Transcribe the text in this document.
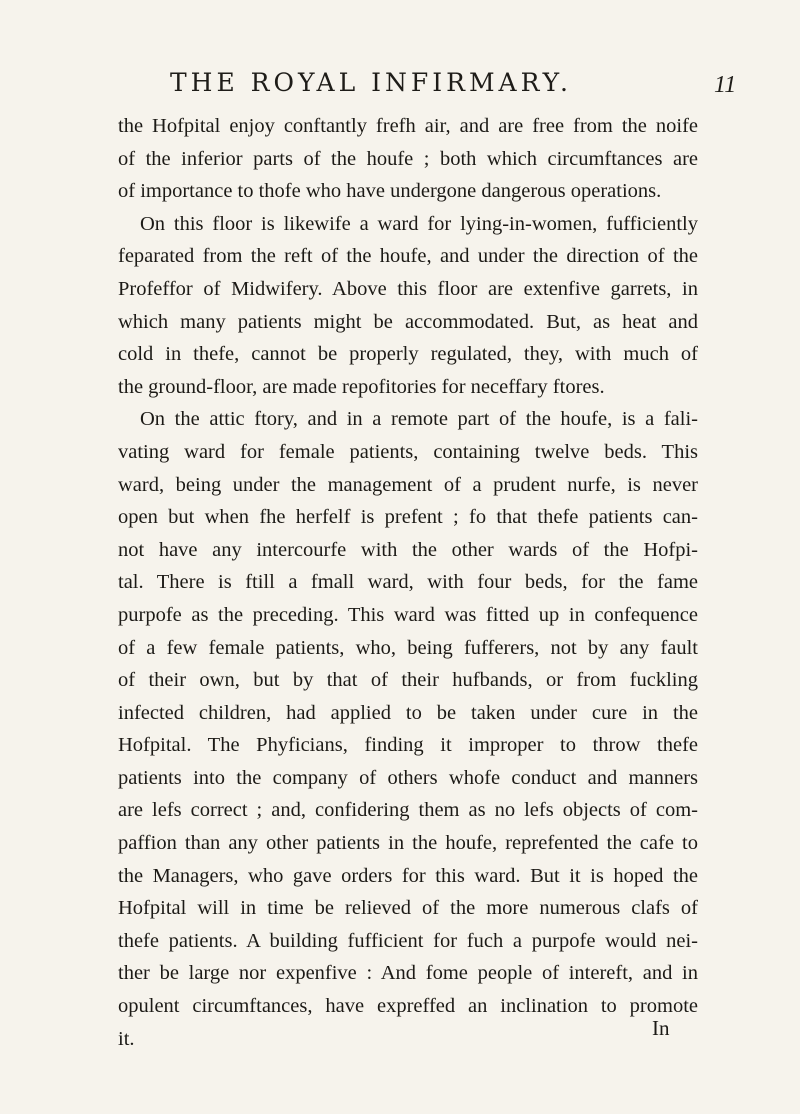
THE ROYAL INFIRMARY.	11

the Hofpital enjoy conftantly frefh air, and are free from the noife
of the inferior parts of the houfe ; both which circumftances are
of importance to thofe who have undergone dangerous operations.

On this floor is likewife a ward for lying-in-women, fufficiently
feparated from the reft of the houfe, and under the direction of the
Profeffor of Midwifery. Above this floor are extenfive garrets, in
which many patients might be accommodated. But, as heat and
cold in thefe, cannot be properly regulated, they, with much of
the ground-floor, are made repofitories for neceffary ftores.

On the attic ftory, and in a remote part of the houfe, is a fali-
vating ward for female patients, containing twelve beds. This
ward, being under the management of a prudent nurfe, is never
open but when fhe herfelf is prefent ; fo that thefe patients can-
not have any intercourfe with the other wards of the Hofpi-
tal. There is ftill a fmall ward, with four beds, for the fame
purpofe as the preceding. This ward was fitted up in confequence
of a few female patients, who, being fufferers, not by any fault
of their own, but by that of their hufbands, or from fuckling
infected children, had applied to be taken under cure in the
Hofpital. The Phyficians, finding it improper to throw thefe
patients into the company of others whofe conduct and manners
are lefs correct ; and, confidering them as no lefs objects of com-
paffion than any other patients in the houfe, reprefented the cafe to
the Managers, who gave orders for this ward. But it is hoped the
Hofpital will in time be relieved of the more numerous clafs of
thefe patients. A building fufficient for fuch a purpofe would nei-
ther be large nor expenfive : And fome people of intereft, and in
opulent circumftances, have expreffed an inclination to promote
it.	In
